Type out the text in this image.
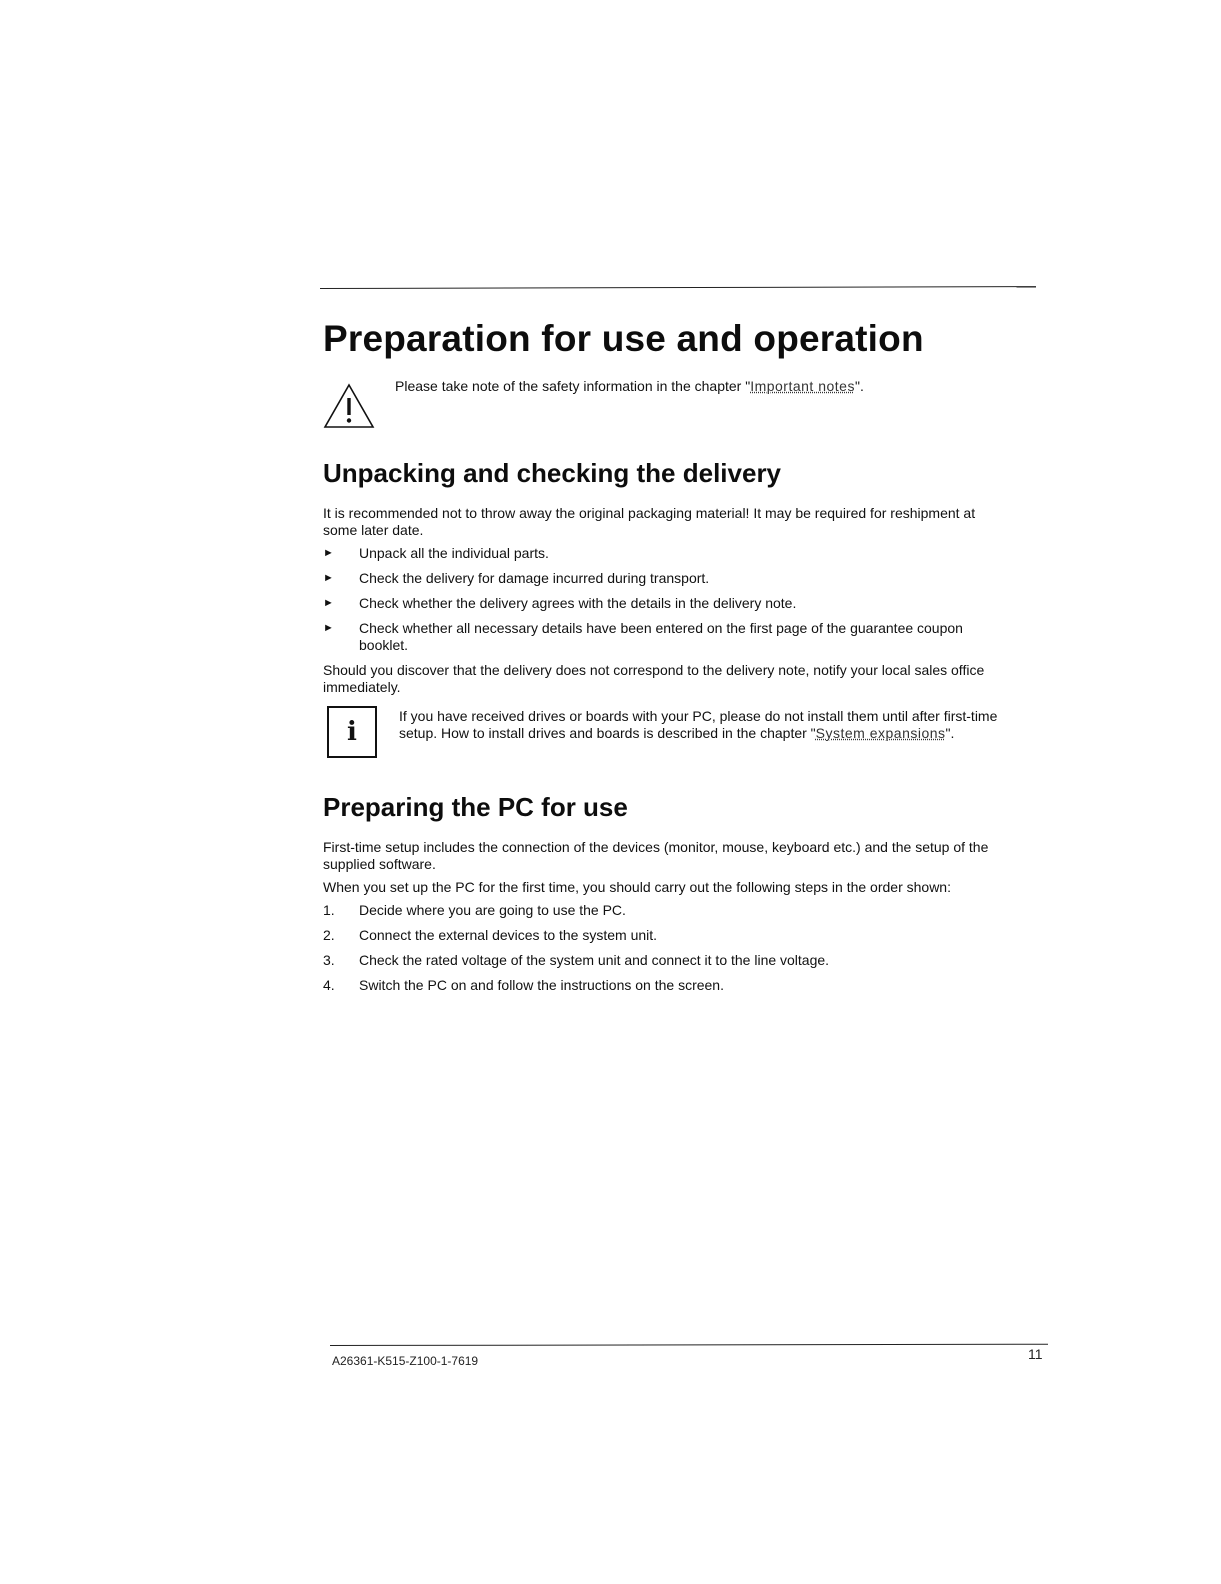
Preparation for use and operation
Please take note of the safety information in the chapter "Important notes".
Unpacking and checking the delivery

It is recommended not to throw away the original packaging material! It may be required for reshipment at some later date.

►	Unpack all the individual parts.
►	Check the delivery for damage incurred during transport.
►	Check whether the delivery agrees with the details in the delivery note.
►	Check whether all necessary details have been entered on the first page of the guarantee coupon booklet.

Should you discover that the delivery does not correspond to the delivery note, notify your local sales office immediately.

i
If you have received drives or boards with your PC, please do not install them until after first-time setup. How to install drives and boards is described in the chapter "System expansions".
Preparing the PC for use

First-time setup includes the connection of the devices (monitor, mouse, keyboard etc.) and the setup of the supplied software.

When you set up the PC for the first time, you should carry out the following steps in the order shown:

1.	Decide where you are going to use the PC.
2.	Connect the external devices to the system unit.
3.	Check the rated voltage of the system unit and connect it to the line voltage.
4.	Switch the PC on and follow the instructions on the screen.
A26361-K515-Z100-1-7619	11
